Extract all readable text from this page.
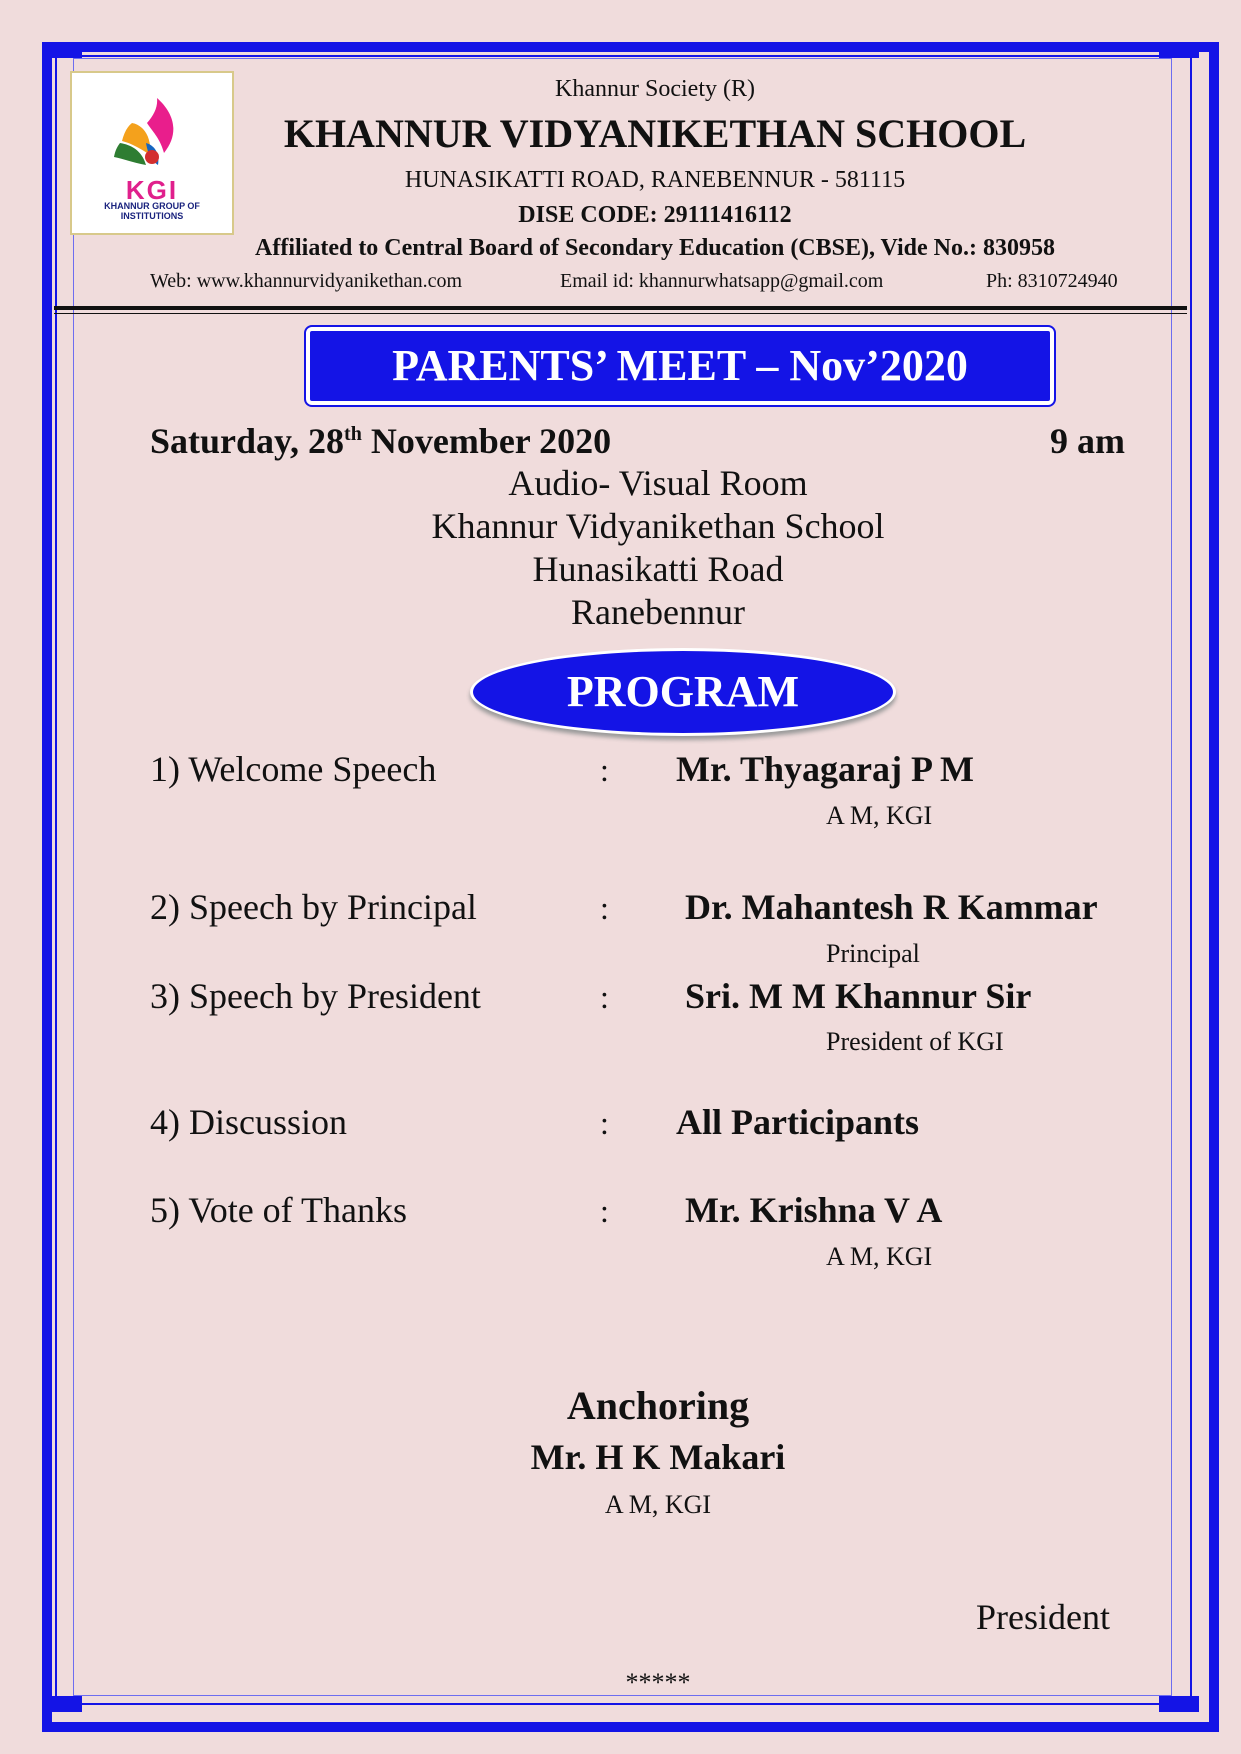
KGI
KHANNUR GROUP OF INSTITUTIONS
Khannur Society (R)
KHANNUR VIDYANIKETHAN SCHOOL
HUNASIKATTI ROAD, RANEBENNUR - 581115
DISE CODE: 29111416112
Affiliated to Central Board of Secondary Education (CBSE), Vide No.: 830958
Web: www.khannurvidyanikethan.com	Email id: khannurwhatsapp@gmail.com	Ph: 8310724940
PARENTS’ MEET – Nov’2020
Saturday, 28th November 2020	9 am
Audio- Visual Room
Khannur Vidyanikethan School
Hunasikatti Road
Ranebennur
PROGRAM
1) Welcome Speech	: Mr. Thyagaraj P M
A M, KGI
2) Speech by Principal	: Dr. Mahantesh R Kammar
Principal
3) Speech by President	: Sri. M M Khannur Sir
President of KGI
4) Discussion	: All Participants
5) Vote of Thanks	: Mr. Krishna V A
A M, KGI
Anchoring
Mr. H K Makari
A M, KGI
President
*****
